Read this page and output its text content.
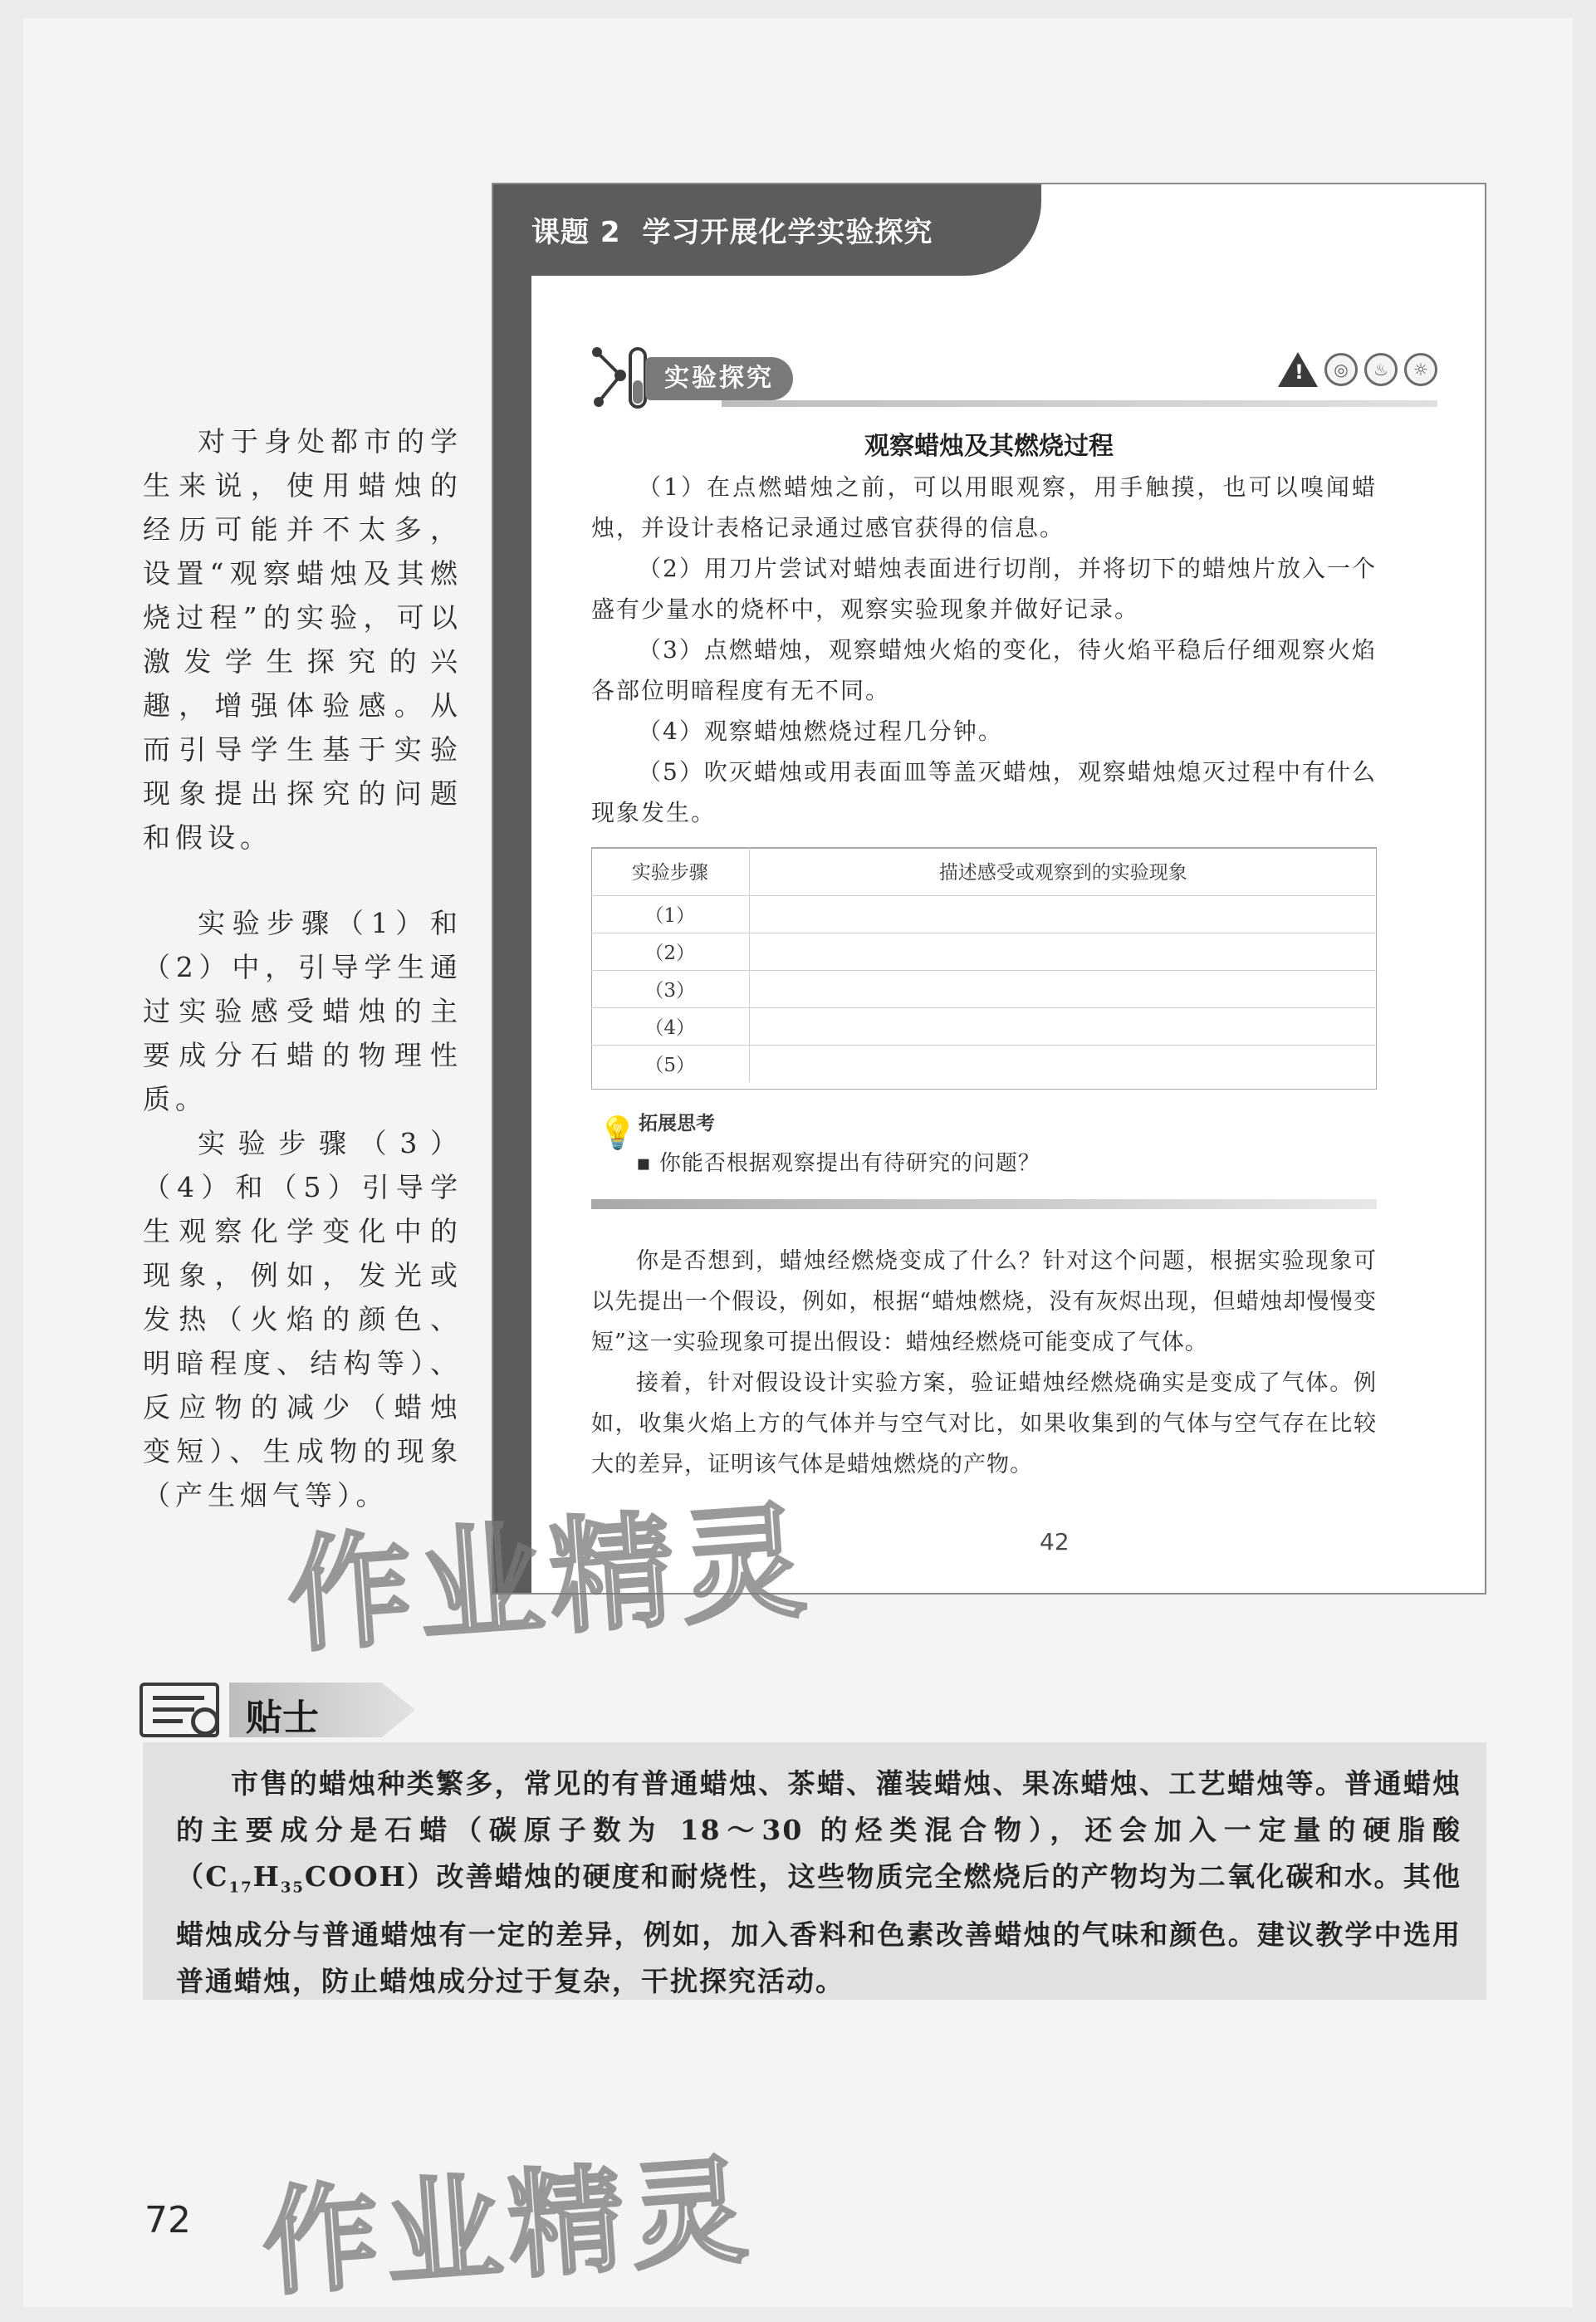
对于身处都市的学生来说，使用蜡烛的经历可能并不太多，设置“观察蜡烛及其燃烧过程”的实验，可以激发学生探究的兴趣，增强体验感。从而引导学生基于实验现象提出探究的问题和假设。

实验步骤（1）和（2）中，引导学生通过实验感受蜡烛的主要成分石蜡的物理性质。

实验步骤（3）（4）和（5）引导学生观察化学变化中的现象，例如，发光或发热（火焰的颜色、明暗程度、结构等）、反应物的减少（蜡烛变短）、生成物的现象（产生烟气等）。

课题 2 学习开展化学实验探究
实验探究	!	◎	♨	☼
观察蜡烛及其燃烧过程

（1）在点燃蜡烛之前，可以用眼观察，用手触摸，也可以嗅闻蜡烛，并设计表格记录通过感官获得的信息。

（2）用刀片尝试对蜡烛表面进行切削，并将切下的蜡烛片放入一个盛有少量水的烧杯中，观察实验现象并做好记录。

（3）点燃蜡烛，观察蜡烛火焰的变化，待火焰平稳后仔细观察火焰各部位明暗程度有无不同。

（4）观察蜡烛燃烧过程几分钟。

（5）吹灭蜡烛或用表面皿等盖灭蜡烛，观察蜡烛熄灭过程中有什么现象发生。

实验步骤	描述感受或观察到的实验现象
（1）	
（2）	
（3）	
（4）	
（5）	
💡 拓展思考
▪ 你能否根据观察提出有待研究的问题？

你是否想到，蜡烛经燃烧变成了什么？针对这个问题，根据实验现象可以先提出一个假设，例如，根据“蜡烛燃烧，没有灰烬出现，但蜡烛却慢慢变短”这一实验现象可提出假设：蜡烛经燃烧可能变成了气体。

接着，针对假设设计实验方案，验证蜡烛经燃烧确实是变成了气体。例如，收集火焰上方的气体并与空气对比，如果收集到的气体与空气存在比较大的差异，证明该气体是蜡烛燃烧的产物。

42
作业精灵
贴士

市售的蜡烛种类繁多，常见的有普通蜡烛、茶蜡、灌装蜡烛、果冻蜡烛、工艺蜡烛等。普通蜡烛的主要成分是石蜡（碳原子数为 18～30 的烃类混合物），还会加入一定量的硬脂酸$(C_{17}H_{35}COOH)$改善蜡烛的硬度和耐烧性，这些物质完全燃烧后的产物均为二氧化碳和水。其他蜡烛成分与普通蜡烛有一定的差异，例如，加入香料和色素改善蜡烛的气味和颜色。建议教学中选用普通蜡烛，防止蜡烛成分过于复杂，干扰探究活动。

72 作业精灵
